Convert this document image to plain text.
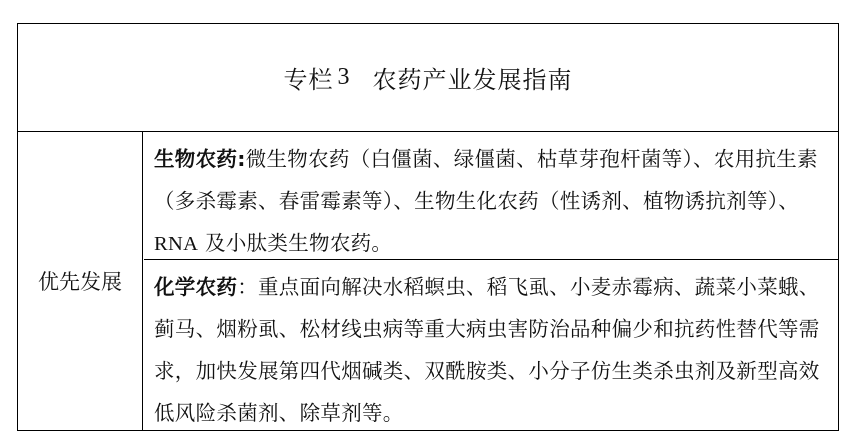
专栏 3 农药产业发展指南
优先发展
生物农药:微生物农药（白僵菌、绿僵菌、枯草芽孢杆菌等）、农用抗生素（多杀霉素、春雷霉素等）、生物生化农药（性诱剂、植物诱抗剂等）、RNA 及小肽类生物农药。
化学农药：重点面向解决水稻螟虫、稻飞虱、小麦赤霉病、蔬菜小菜蛾、蓟马、烟粉虱、松材线虫病等重大病虫害防治品种偏少和抗药性替代等需求，加快发展第四代烟碱类、双酰胺类、小分子仿生类杀虫剂及新型高效低风险杀菌剂、除草剂等。
